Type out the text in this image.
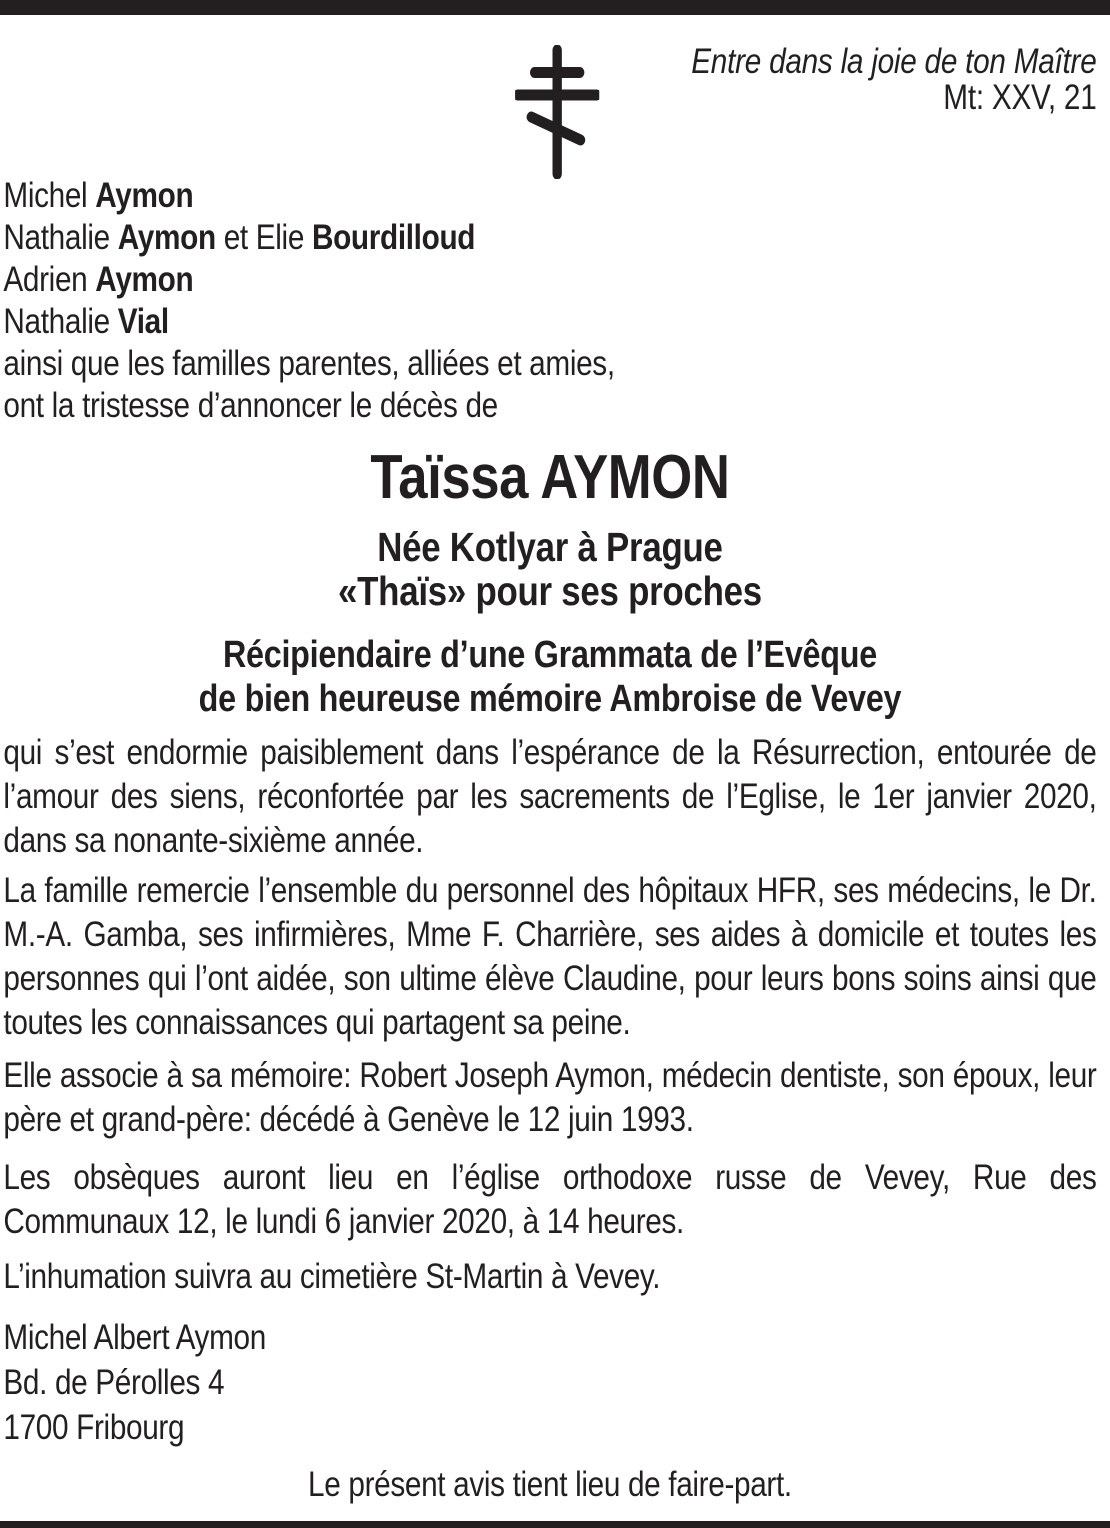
Entre dans la joie de ton Maître
Mt: XXV, 21
Michel Aymon
Nathalie Aymon et Elie Bourdilloud
Adrien Aymon
Nathalie Vial
ainsi que les familles parentes, alliées et amies,
ont la tristesse d’annoncer le décès de
Taïssa AYMON
Née Kotlyar à Prague
«Thaïs» pour ses proches
Récipiendaire d’une Grammata de l’Evêque
de bien heureuse mémoire Ambroise de Vevey
qui s’est endormie paisiblement dans l’espérance de la Résurrection, entourée de l’amour des siens, réconfortée par les sacrements de l’Eglise, le 1er janvier 2020, dans sa nonante-sixième année.
La famille remercie l’ensemble du personnel des hôpitaux HFR, ses médecins, le Dr. M.-A. Gamba, ses infirmières, Mme F. Charrière, ses aides à domicile et toutes les personnes qui l’ont aidée, son ultime élève Claudine, pour leurs bons soins ainsi que toutes les connaissances qui partagent sa peine.
Elle associe à sa mémoire: Robert Joseph Aymon, médecin dentiste, son époux, leur père et grand-père: décédé à Genève le 12 juin 1993.
Les obsèques auront lieu en l’église orthodoxe russe de Vevey, Rue des Communaux 12, le lundi 6 janvier 2020, à 14 heures.
L’inhumation suivra au cimetière St-Martin à Vevey.
Michel Albert Aymon
Bd. de Pérolles 4
1700 Fribourg
Le présent avis tient lieu de faire-part.
